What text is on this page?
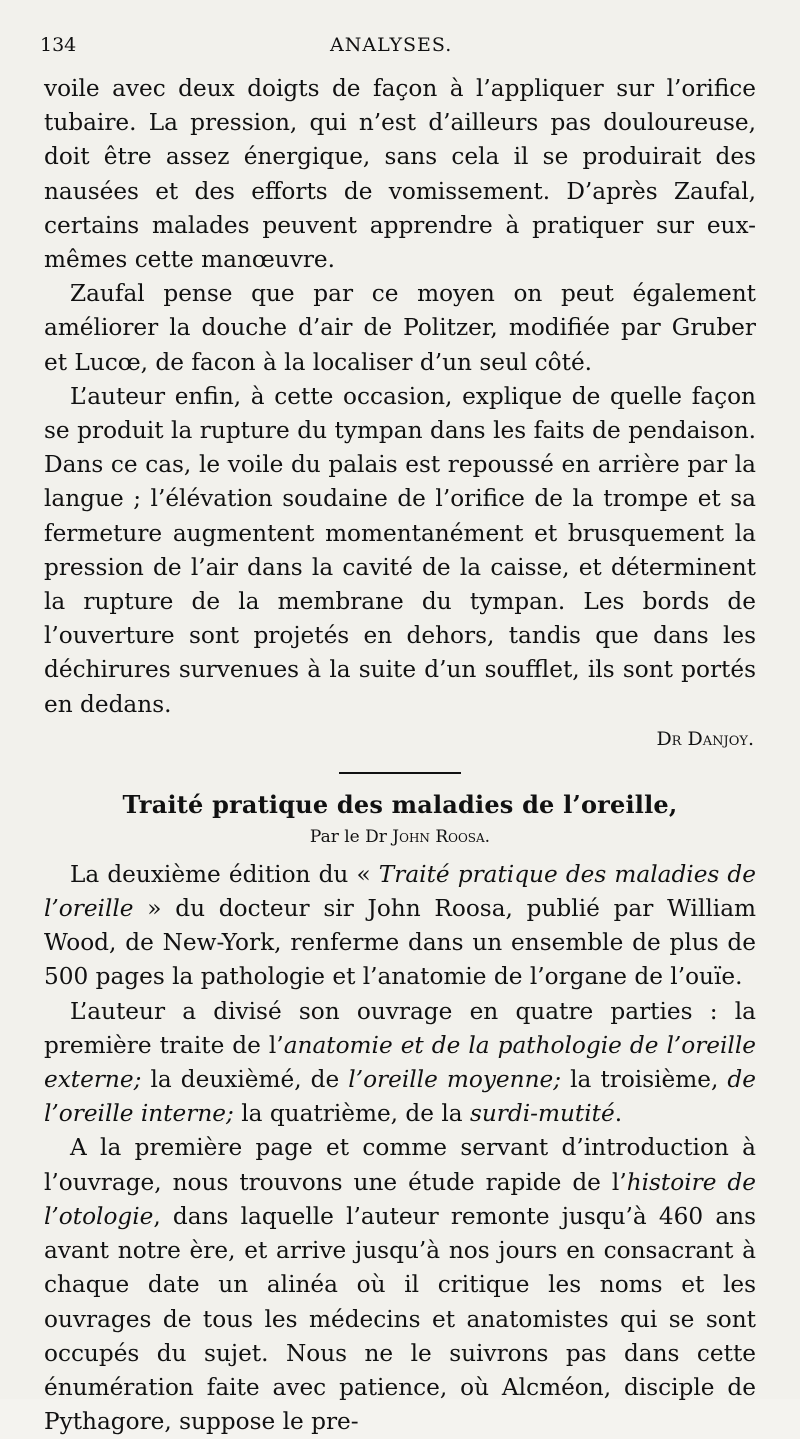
134	ANALYSES.

voile avec deux doigts de façon à l’appliquer sur l’orifice tubaire. La pression, qui n’est d’ailleurs pas douloureuse, doit être assez énergique, sans cela il se produirait des nausées et des efforts de vomissement. D’après Zaufal, certains malades peuvent apprendre à pratiquer sur eux-mêmes cette manœuvre.

Zaufal pense que par ce moyen on peut également améliorer la douche d’air de Politzer, modifiée par Gruber et Lucœ, de facon à la localiser d’un seul côté.

L’auteur enfin, à cette occasion, explique de quelle façon se produit la rupture du tympan dans les faits de pendaison. Dans ce cas, le voile du palais est repoussé en arrière par la langue ; l’élévation soudaine de l’orifice de la trompe et sa fermeture augmentent momentanément et brusquement la pression de l’air dans la cavité de la caisse, et déterminent la rupture de la membrane du tympan. Les bords de l’ouverture sont projetés en dehors, tandis que dans les déchirures survenues à la suite d’un soufflet, ils sont portés en dedans.

Dr Danjoy.
Traité pratique des maladies de l’oreille,
Par le Dr John Roosa.

La deuxième édition du « Traité pratique des maladies de l’oreille » du docteur sir John Roosa, publié par William Wood, de New-York, renferme dans un ensemble de plus de 500 pages la pathologie et l’anatomie de l’organe de l’ouïe.

L’auteur a divisé son ouvrage en quatre parties : la première traite de l’anatomie et de la pathologie de l’oreille externe; la deuxièmé, de l’oreille moyenne; la troisième, de l’oreille interne; la quatrième, de la surdi-mutité.

A la première page et comme servant d’introduction à l’ouvrage, nous trouvons une étude rapide de l’histoire de l’otologie, dans laquelle l’auteur remonte jusqu’à 460 ans avant notre ère, et arrive jusqu’à nos jours en consacrant à chaque date un alinéa où il critique les noms et les ouvrages de tous les médecins et anatomistes qui se sont occupés du sujet. Nous ne le suivrons pas dans cette énumération faite avec patience, où Alcméon, disciple de Pythagore, suppose le pre-
